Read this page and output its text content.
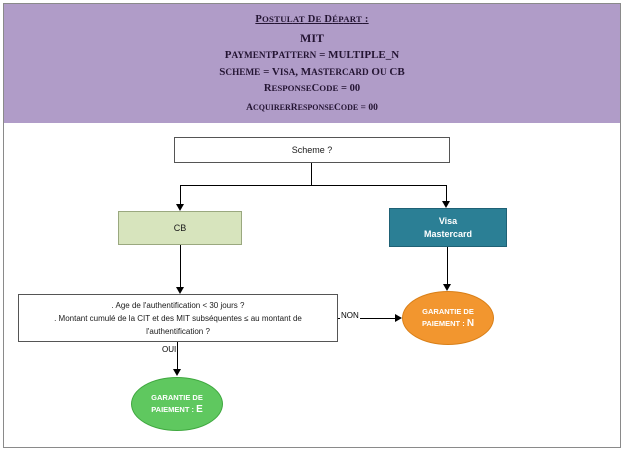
POSTULAT DE DÉPART :
MIT
PAYMENTPATTERN = MULTIPLE_N
SCHEME = VISA, MASTERCARD OU CB
RESPONSECODE = 00
ACQUIRERRESPONSECODE = 00
Scheme ?
CB
Visa
Mastercard
. Age de l'authentification < 30 jours ?
. Montant cumulé de la CIT et des MIT subséquentes ≤ au montant de
l'authentification ?
NON
OUI
GARANTIE DE
PAIEMENT : N
GARANTIE DE
PAIEMENT : E
